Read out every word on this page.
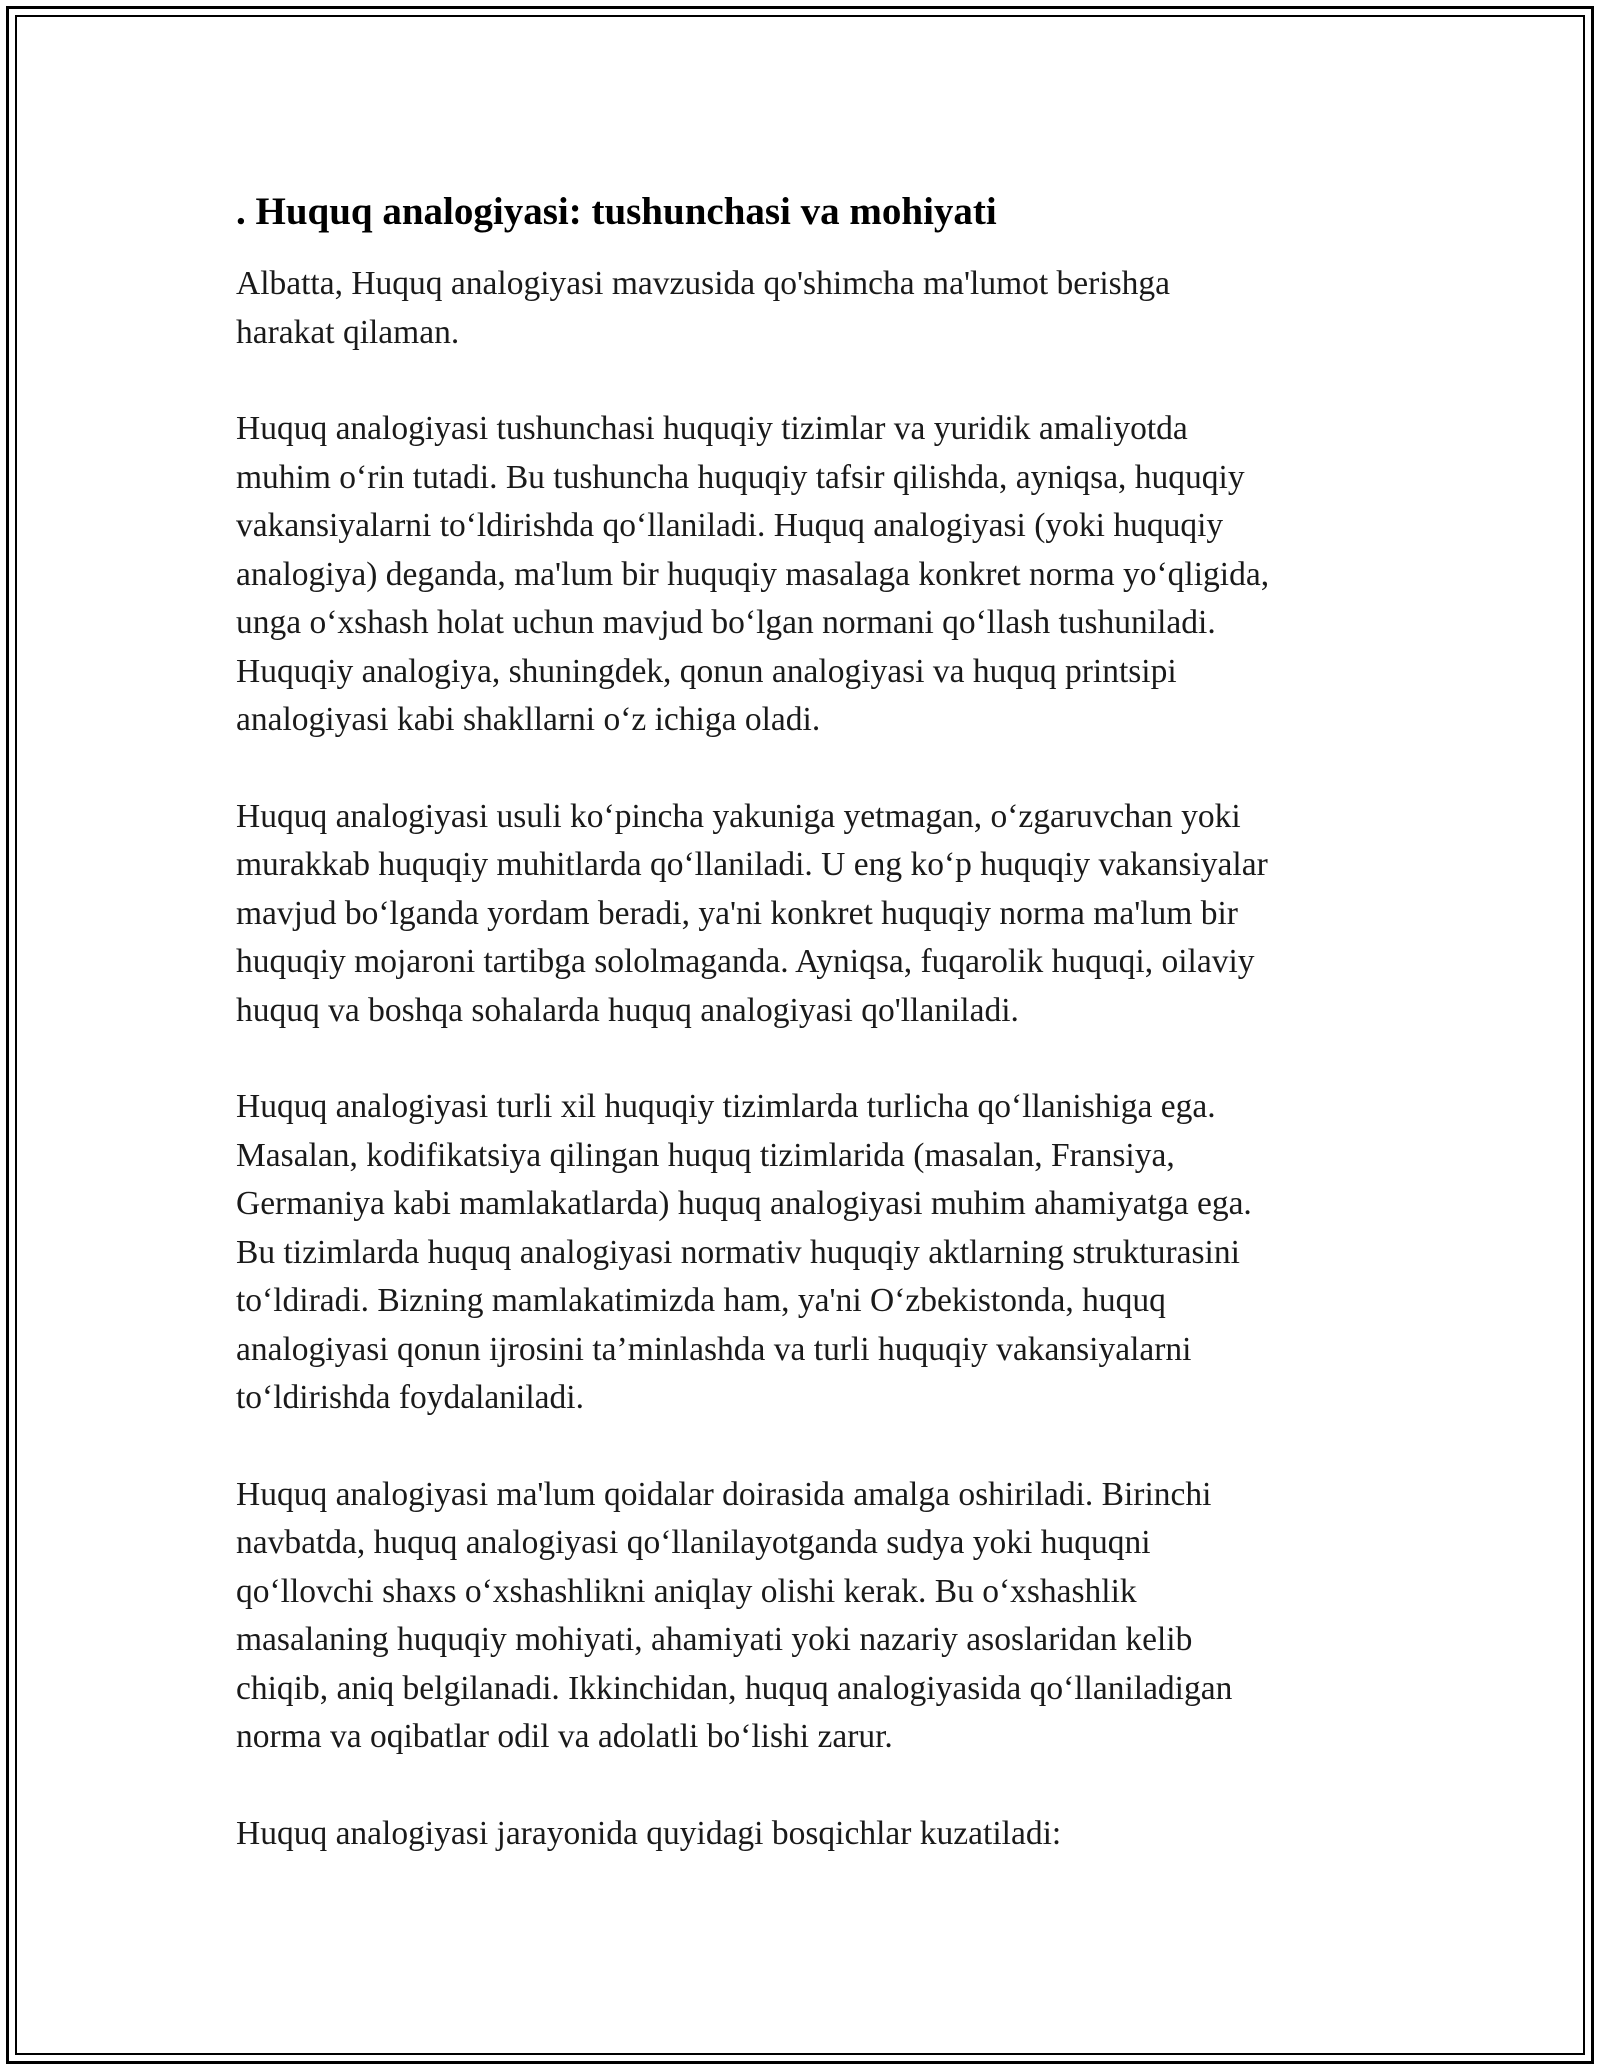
. Huquq analogiyasi: tushunchasi va mohiyati

Albatta, Huquq analogiyasi mavzusida qo'shimcha ma'lumot berishga
harakat qilaman.

Huquq analogiyasi tushunchasi huquqiy tizimlar va yuridik amaliyotda
muhim o‘rin tutadi. Bu tushuncha huquqiy tafsir qilishda, ayniqsa, huquqiy
vakansiyalarni to‘ldirishda qo‘llaniladi. Huquq analogiyasi (yoki huquqiy
analogiya) deganda, ma'lum bir huquqiy masalaga konkret norma yo‘qligida,
unga o‘xshash holat uchun mavjud bo‘lgan normani qo‘llash tushuniladi.
Huquqiy analogiya, shuningdek, qonun analogiyasi va huquq printsipi
analogiyasi kabi shakllarni o‘z ichiga oladi.

Huquq analogiyasi usuli ko‘pincha yakuniga yetmagan, o‘zgaruvchan yoki
murakkab huquqiy muhitlarda qo‘llaniladi. U eng ko‘p huquqiy vakansiyalar
mavjud bo‘lganda yordam beradi, ya'ni konkret huquqiy norma ma'lum bir
huquqiy mojaroni tartibga sololmaganda. Ayniqsa, fuqarolik huquqi, oilaviy
huquq va boshqa sohalarda huquq analogiyasi qo'llaniladi.

Huquq analogiyasi turli xil huquqiy tizimlarda turlicha qo‘llanishiga ega.
Masalan, kodifikatsiya qilingan huquq tizimlarida (masalan, Fransiya,
Germaniya kabi mamlakatlarda) huquq analogiyasi muhim ahamiyatga ega.
Bu tizimlarda huquq analogiyasi normativ huquqiy aktlarning strukturasini
to‘ldiradi. Bizning mamlakatimizda ham, ya'ni O‘zbekistonda, huquq
analogiyasi qonun ijrosini ta’minlashda va turli huquqiy vakansiyalarni
to‘ldirishda foydalaniladi.

Huquq analogiyasi ma'lum qoidalar doirasida amalga oshiriladi. Birinchi
navbatda, huquq analogiyasi qo‘llanilayotganda sudya yoki huquqni
qo‘llovchi shaxs o‘xshashlikni aniqlay olishi kerak. Bu o‘xshashlik
masalaning huquqiy mohiyati, ahamiyati yoki nazariy asoslaridan kelib
chiqib, aniq belgilanadi. Ikkinchidan, huquq analogiyasida qo‘llaniladigan
norma va oqibatlar odil va adolatli bo‘lishi zarur.

Huquq analogiyasi jarayonida quyidagi bosqichlar kuzatiladi:
